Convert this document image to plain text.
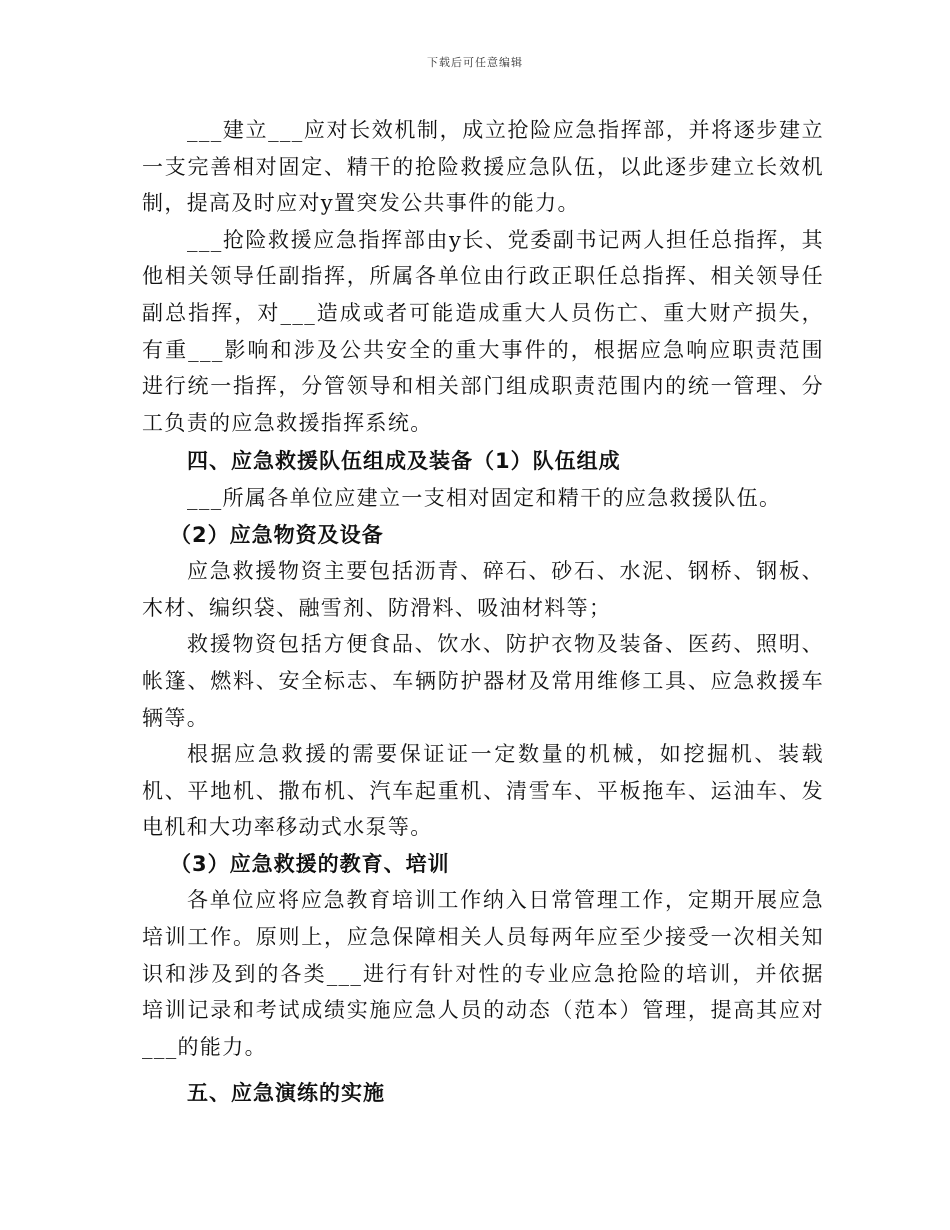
下载后可任意编辑

___建立___应对长效机制，成立抢险应急指挥部，并将逐步建立一支完善相对固定、精干的抢险救援应急队伍，以此逐步建立长效机制，提高及时应对y置突发公共事件的能力。

___抢险救援应急指挥部由y长、党委副书记两人担任总指挥，其他相关领导任副指挥，所属各单位由行政正职任总指挥、相关领导任副总指挥，对___造成或者可能造成重大人员伤亡、重大财产损失，有重___影响和涉及公共安全的重大事件的，根据应急响应职责范围进行统一指挥，分管领导和相关部门组成职责范围内的统一管理、分工负责的应急救援指挥系统。

四、应急救援队伍组成及装备（1）队伍组成

___所属各单位应建立一支相对固定和精干的应急救援队伍。

（2）应急物资及设备

应急救援物资主要包括沥青、碎石、砂石、水泥、钢桥、钢板、木材、编织袋、融雪剂、防滑料、吸油材料等；

救援物资包括方便食品、饮水、防护衣物及装备、医药、照明、帐篷、燃料、安全标志、车辆防护器材及常用维修工具、应急救援车辆等。

根据应急救援的需要保证证一定数量的机械，如挖掘机、装载机、平地机、撒布机、汽车起重机、清雪车、平板拖车、运油车、发电机和大功率移动式水泵等。

（3）应急救援的教育、培训

各单位应将应急教育培训工作纳入日常管理工作，定期开展应急培训工作。原则上，应急保障相关人员每两年应至少接受一次相关知识和涉及到的各类___进行有针对性的专业应急抢险的培训，并依据培训记录和考试成绩实施应急人员的动态（范本）管理，提高其应对___的能力。

五、应急演练的实施
